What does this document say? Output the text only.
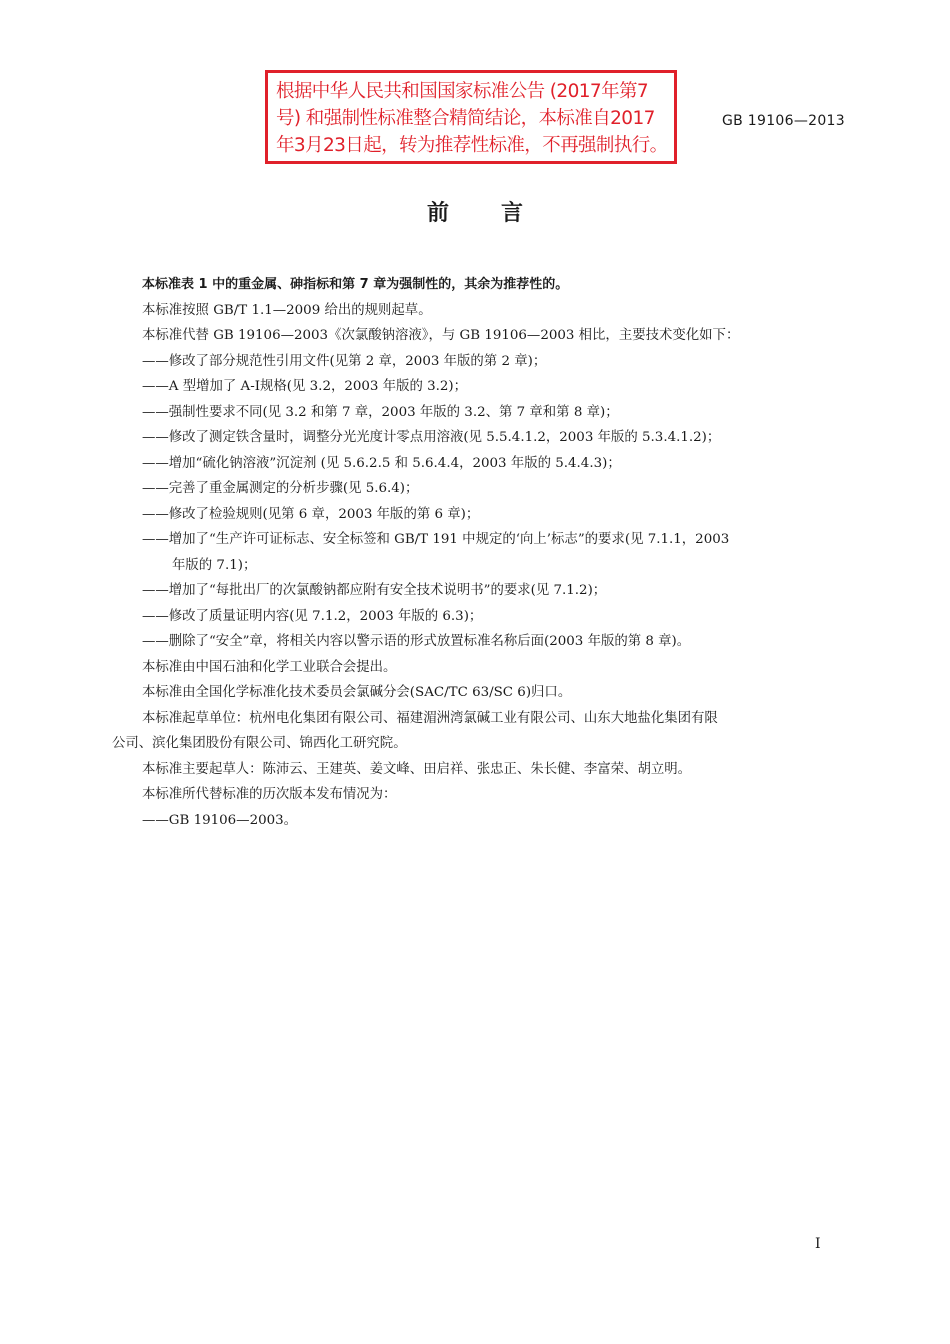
根据中华人民共和国国家标准公告 (2017年第7
号) 和强制性标准整合精简结论，本标准自2017
年3月23日起，转为推荐性标准，不再强制执行。
GB 19106—2013
前言
本标准表 1 中的重金属、砷指标和第 7 章为强制性的，其余为推荐性的。
本标准按照 GB/T 1.1—2009 给出的规则起草。
本标准代替 GB 19106—2003《次氯酸钠溶液》，与 GB 19106—2003 相比，主要技术变化如下：
——修改了部分规范性引用文件(见第 2 章，2003 年版的第 2 章)；
——A 型增加了 A-Ⅰ规格(见 3.2，2003 年版的 3.2)；
——强制性要求不同(见 3.2 和第 7 章，2003 年版的 3.2、第 7 章和第 8 章)；
——修改了测定铁含量时，调整分光光度计零点用溶液(见 5.5.4.1.2，2003 年版的 5.3.4.1.2)；
——增加“硫化钠溶液”沉淀剂 (见 5.6.2.5 和 5.6.4.4，2003 年版的 5.4.4.3)；
——完善了重金属测定的分析步骤(见 5.6.4)；
——修改了检验规则(见第 6 章，2003 年版的第 6 章)；
——增加了“生产许可证标志、安全标签和 GB/T 191 中规定的‘向上’标志”的要求(见 7.1.1，2003
年版的 7.1)；
——增加了“每批出厂的次氯酸钠都应附有安全技术说明书”的要求(见 7.1.2)；
——修改了质量证明内容(见 7.1.2，2003 年版的 6.3)；
——删除了“安全”章，将相关内容以警示语的形式放置标准名称后面(2003 年版的第 8 章)。
本标准由中国石油和化学工业联合会提出。
本标准由全国化学标准化技术委员会氯碱分会(SAC/TC 63/SC 6)归口。
本标准起草单位：杭州电化集团有限公司、福建湄洲湾氯碱工业有限公司、山东大地盐化集团有限
公司、滨化集团股份有限公司、锦西化工研究院。
本标准主要起草人：陈沛云、王建英、姜文峰、田启祥、张忠正、朱长健、李富荣、胡立明。
本标准所代替标准的历次版本发布情况为：
——GB 19106—2003。
I
